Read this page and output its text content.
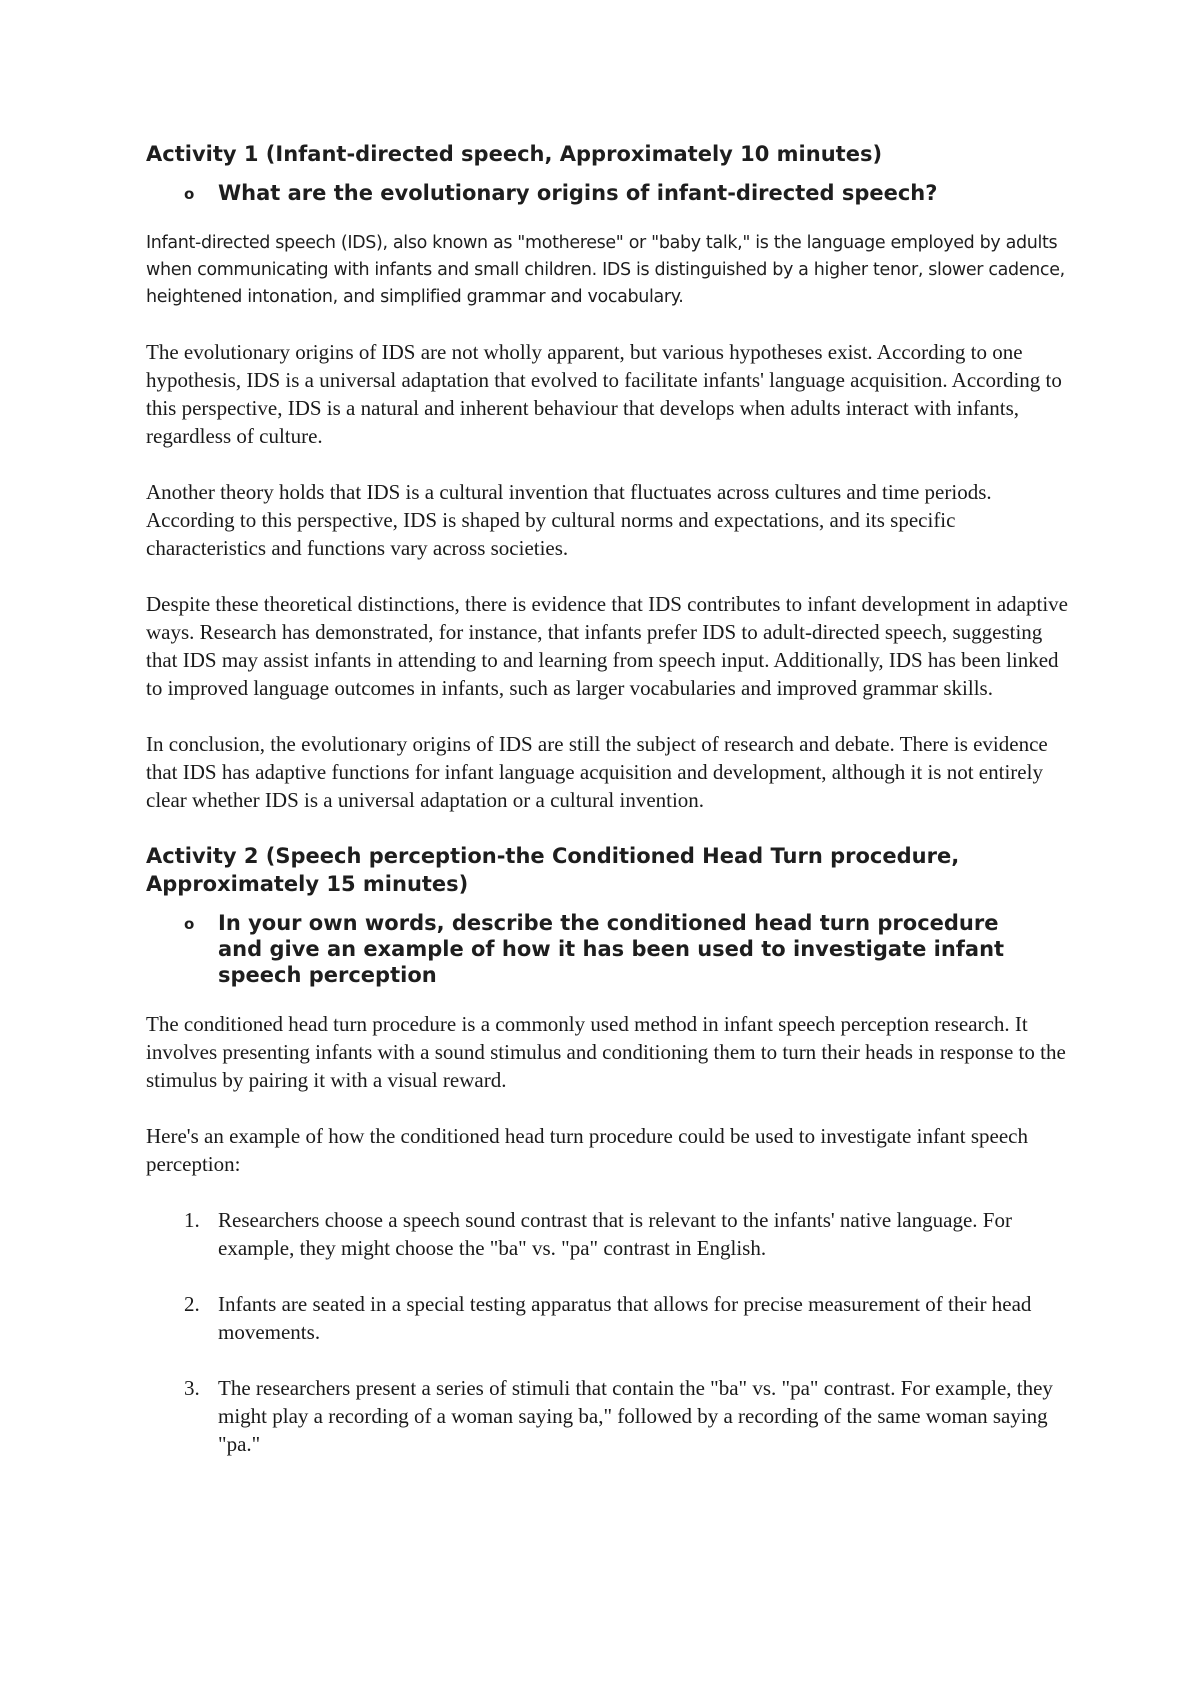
Activity 1 (Infant-directed speech, Approximately 10 minutes)
o	What are the evolutionary origins of infant-directed speech?

Infant-directed speech (IDS), also known as "motherese" or "baby talk," is the language employed by adults when communicating with infants and small children. IDS is distinguished by a higher tenor, slower cadence, heightened intonation, and simplified grammar and vocabulary.

The evolutionary origins of IDS are not wholly apparent, but various hypotheses exist. According to one hypothesis, IDS is a universal adaptation that evolved to facilitate infants' language acquisition. According to this perspective, IDS is a natural and inherent behaviour that develops when adults interact with infants, regardless of culture.

Another theory holds that IDS is a cultural invention that fluctuates across cultures and time periods. According to this perspective, IDS is shaped by cultural norms and expectations, and its specific characteristics and functions vary across societies.

Despite these theoretical distinctions, there is evidence that IDS contributes to infant development in adaptive ways. Research has demonstrated, for instance, that infants prefer IDS to adult-directed speech, suggesting that IDS may assist infants in attending to and learning from speech input. Additionally, IDS has been linked to improved language outcomes in infants, such as larger vocabularies and improved grammar skills.

In conclusion, the evolutionary origins of IDS are still the subject of research and debate. There is evidence that IDS has adaptive functions for infant language acquisition and development, although it is not entirely clear whether IDS is a universal adaptation or a cultural invention.

Activity 2 (Speech perception-the Conditioned Head Turn procedure, Approximately 15 minutes)
o	In your own words, describe the conditioned head turn procedure and give an example of how it has been used to investigate infant speech perception

The conditioned head turn procedure is a commonly used method in infant speech perception research. It involves presenting infants with a sound stimulus and conditioning them to turn their heads in response to the stimulus by pairing it with a visual reward.

Here's an example of how the conditioned head turn procedure could be used to investigate infant speech perception:

1. Researchers choose a speech sound contrast that is relevant to the infants' native language. For example, they might choose the "ba" vs. "pa" contrast in English.
2. Infants are seated in a special testing apparatus that allows for precise measurement of their head movements.
3. The researchers present a series of stimuli that contain the "ba" vs. "pa" contrast. For example, they might play a recording of a woman saying ba," followed by a recording of the same woman saying "pa."
